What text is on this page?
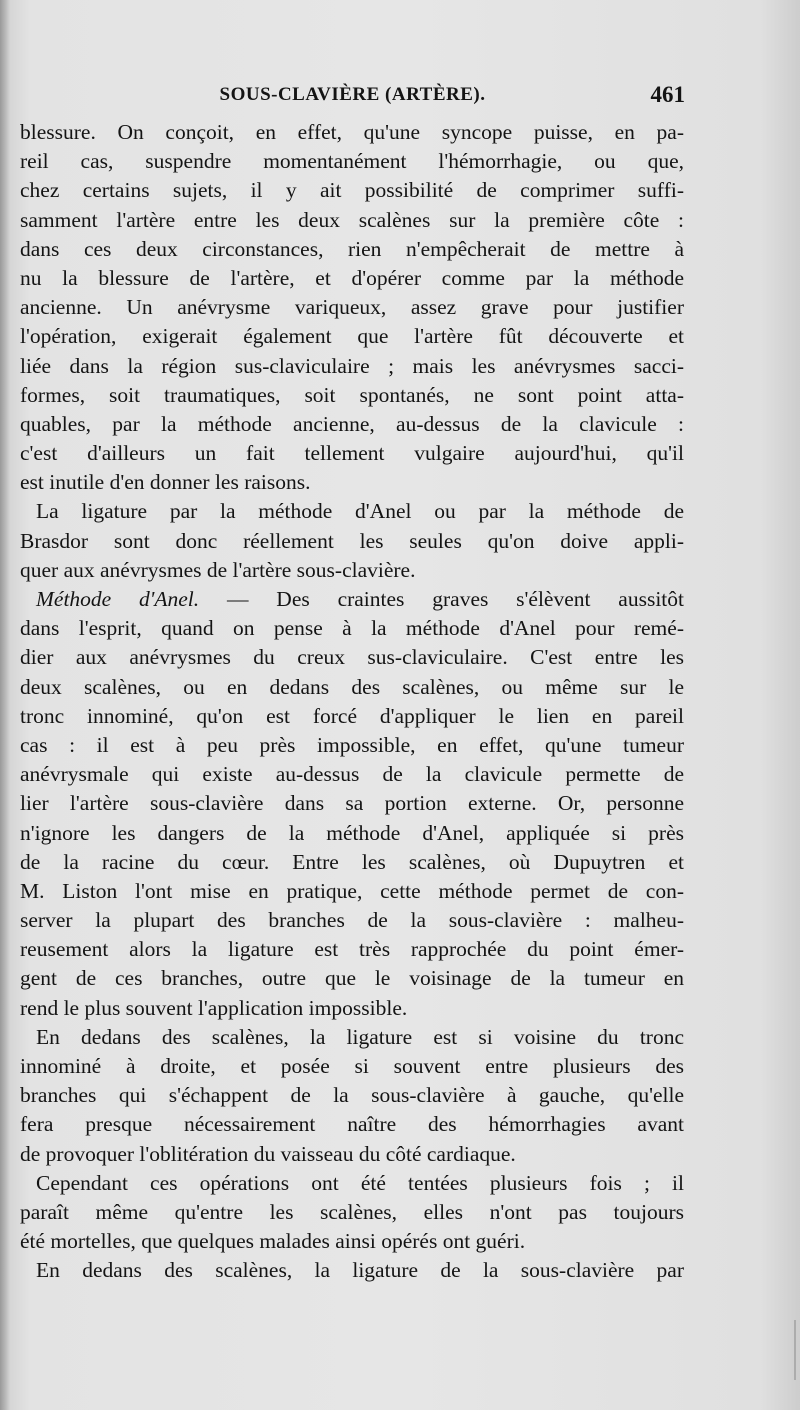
SOUS-CLAVIÈRE (ARTÈRE).	461
blessure. On conçoit, en effet, qu'une syncope puisse, en pa-
reil cas, suspendre momentanément l'hémorrhagie, ou que,
chez certains sujets, il y ait possibilité de comprimer suffi-
samment l'artère entre les deux scalènes sur la première côte :
dans ces deux circonstances, rien n'empêcherait de mettre à
nu la blessure de l'artère, et d'opérer comme par la méthode
ancienne. Un anévrysme variqueux, assez grave pour justifier
l'opération, exigerait également que l'artère fût découverte et
liée dans la région sus-claviculaire ; mais les anévrysmes sacci-
formes, soit traumatiques, soit spontanés, ne sont point atta-
quables, par la méthode ancienne, au-dessus de la clavicule :
c'est d'ailleurs un fait tellement vulgaire aujourd'hui, qu'il
est inutile d'en donner les raisons.
La ligature par la méthode d'Anel ou par la méthode de
Brasdor sont donc réellement les seules qu'on doive appli-
quer aux anévrysmes de l'artère sous-clavière.
Méthode d'Anel. — Des craintes graves s'élèvent aussitôt
dans l'esprit, quand on pense à la méthode d'Anel pour remé-
dier aux anévrysmes du creux sus-claviculaire. C'est entre les
deux scalènes, ou en dedans des scalènes, ou même sur le
tronc innominé, qu'on est forcé d'appliquer le lien en pareil
cas : il est à peu près impossible, en effet, qu'une tumeur
anévrysmale qui existe au-dessus de la clavicule permette de
lier l'artère sous-clavière dans sa portion externe. Or, personne
n'ignore les dangers de la méthode d'Anel, appliquée si près
de la racine du cœur. Entre les scalènes, où Dupuytren et
M. Liston l'ont mise en pratique, cette méthode permet de con-
server la plupart des branches de la sous-clavière : malheu-
reusement alors la ligature est très rapprochée du point émer-
gent de ces branches, outre que le voisinage de la tumeur en
rend le plus souvent l'application impossible.
En dedans des scalènes, la ligature est si voisine du tronc
innominé à droite, et posée si souvent entre plusieurs des
branches qui s'échappent de la sous-clavière à gauche, qu'elle
fera presque nécessairement naître des hémorrhagies avant
de provoquer l'oblitération du vaisseau du côté cardiaque.
Cependant ces opérations ont été tentées plusieurs fois ; il
paraît même qu'entre les scalènes, elles n'ont pas toujours
été mortelles, que quelques malades ainsi opérés ont guéri.
En dedans des scalènes, la ligature de la sous-clavière par
